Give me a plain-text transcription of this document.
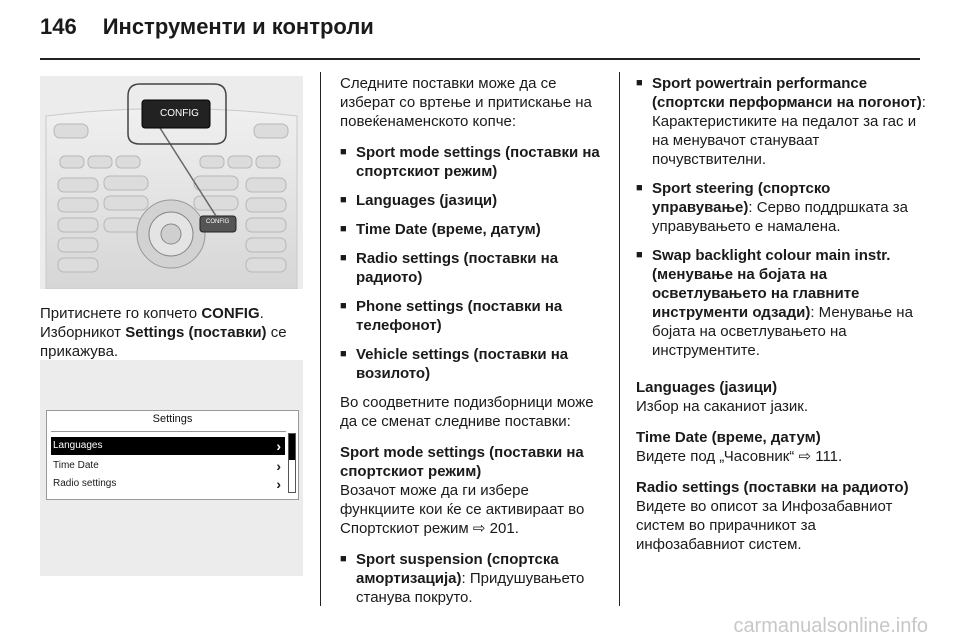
146 Инструменти и контроли
CONFIG
CONFIG

Притиснете го копчето CONFIG.

Изборникот Settings (поставки) се прикажува.

Settings
Languages	›
Time Date	›
Radio settings	›

Следните поставки може да се изберат со вртење и притискање на повеќенаменското копче:

■ Sport mode settings (поставки на спортскиот режим)
■ Languages (јазици)
■ Time Date (време, датум)
■ Radio settings (поставки на радиото)
■ Phone settings (поставки на телефонот)
■ Vehicle settings (поставки на возилото)

Во соодветните подизборници може да се сменат следниве поставки:

Sport mode settings (поставки на спортскиот режим)

Возачот може да ги избере функциите кои ќе се активираат во Спортскиот режим ⇨ 201.

■ Sport suspension (спортска амортизација): Придушувањето станува покруто.
■ Sport powertrain performance (спортски перформанси на погонот): Карактеристиките на педалот за гас и на менувачот стануваат почувствителни.
■ Sport steering (спортско управување): Серво поддршката за управувањето е намалена.
■ Swap backlight colour main instr. (менување на бојата на осветлувањето на главните инструменти одзади): Менување на бојата на осветлувањето на инструментите.
Languages (јазици)

Избор на саканиот јазик.

Time Date (време, датум)

Видете под „Часовник“ ⇨ 111.

Radio settings (поставки на радиото)

Видете во описот за Инфозабавниот систем во прирачникот за инфозабавниот систем.

carmanualsonline.info
